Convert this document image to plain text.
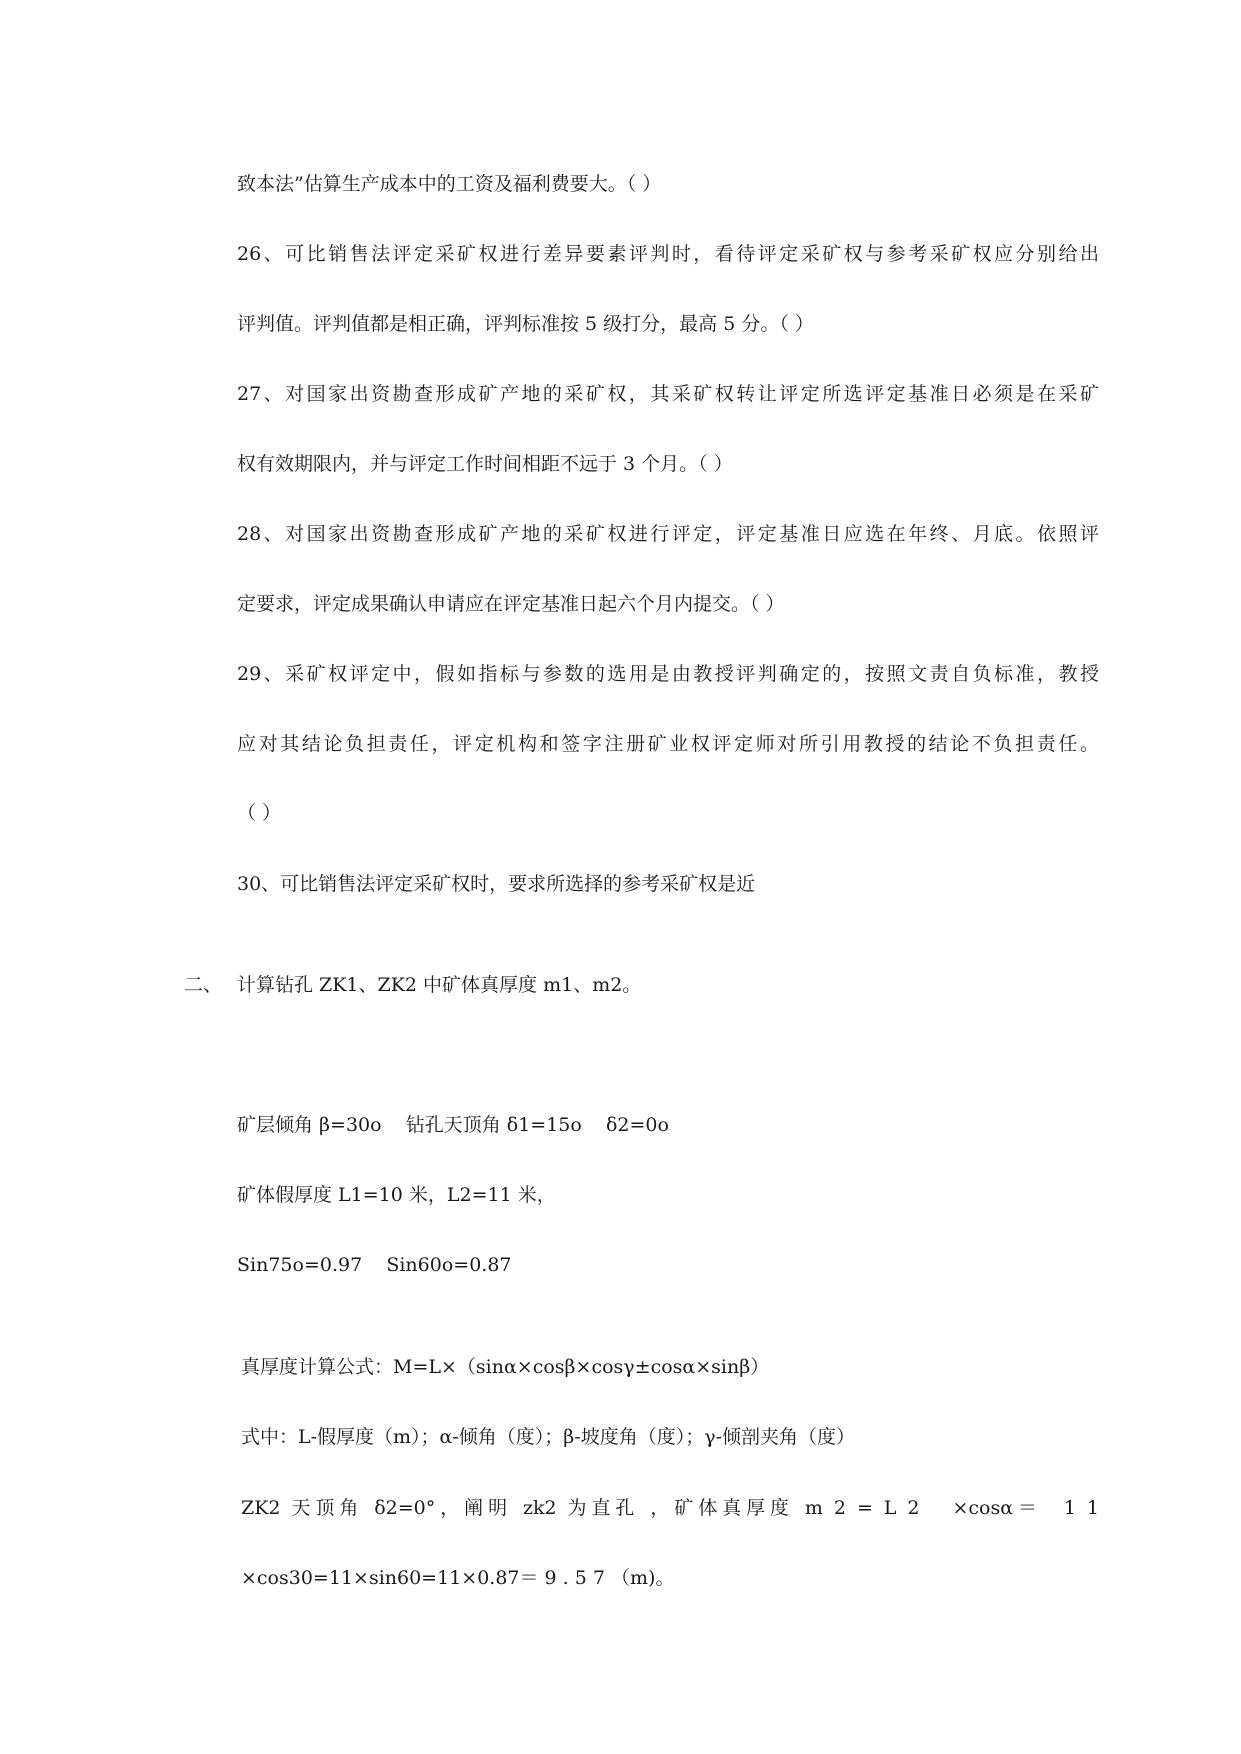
致本法”估算生产成本中的工资及福利费要大。（ ）
26、可比销售法评定采矿权进行差异要素评判时，看待评定采矿权与参考采矿权应分别给出
评判值。评判值都是相正确，评判标准按 5 级打分，最高 5 分。（ ）
27、对国家出资勘查形成矿产地的采矿权，其采矿权转让评定所选评定基准日必须是在采矿
权有效期限内，并与评定工作时间相距不远于 3 个月。（ ）
28、对国家出资勘查形成矿产地的采矿权进行评定，评定基准日应选在年终、月底。依照评
定要求，评定成果确认申请应在评定基准日起六个月内提交。（ ）
29、采矿权评定中，假如指标与参数的选用是由教授评判确定的，按照文责自负标准，教授
应对其结论负担责任，评定机构和签字注册矿业权评定师对所引用教授的结论不负担责任。
（ ）
30、可比销售法评定采矿权时，要求所选择的参考采矿权是近
二、 计算钻孔 ZK1、ZK2 中矿体真厚度 m1、m2。
矿层倾角 β=30o    钻孔天顶角 δ1=15o    δ2=0o
矿体假厚度 L1=10 米，L2=11 米，
Sin75o=0.97    Sin60o=0.87
真厚度计算公式：M=L×（sinα×cosβ×cosγ±cosα×sinβ）
式中：L-假厚度（m）；α-倾角（度）；β-坡度角（度）；γ-倾剖夹角（度）
ZK2 天顶角 δ2=0°，阐明 zk2 为直孔 ，矿体真厚度 m 2 = L 2   ×cosα＝  1 1
×cos30=11×sin60=11×0.87＝ 9 . 5 7 （m)。
